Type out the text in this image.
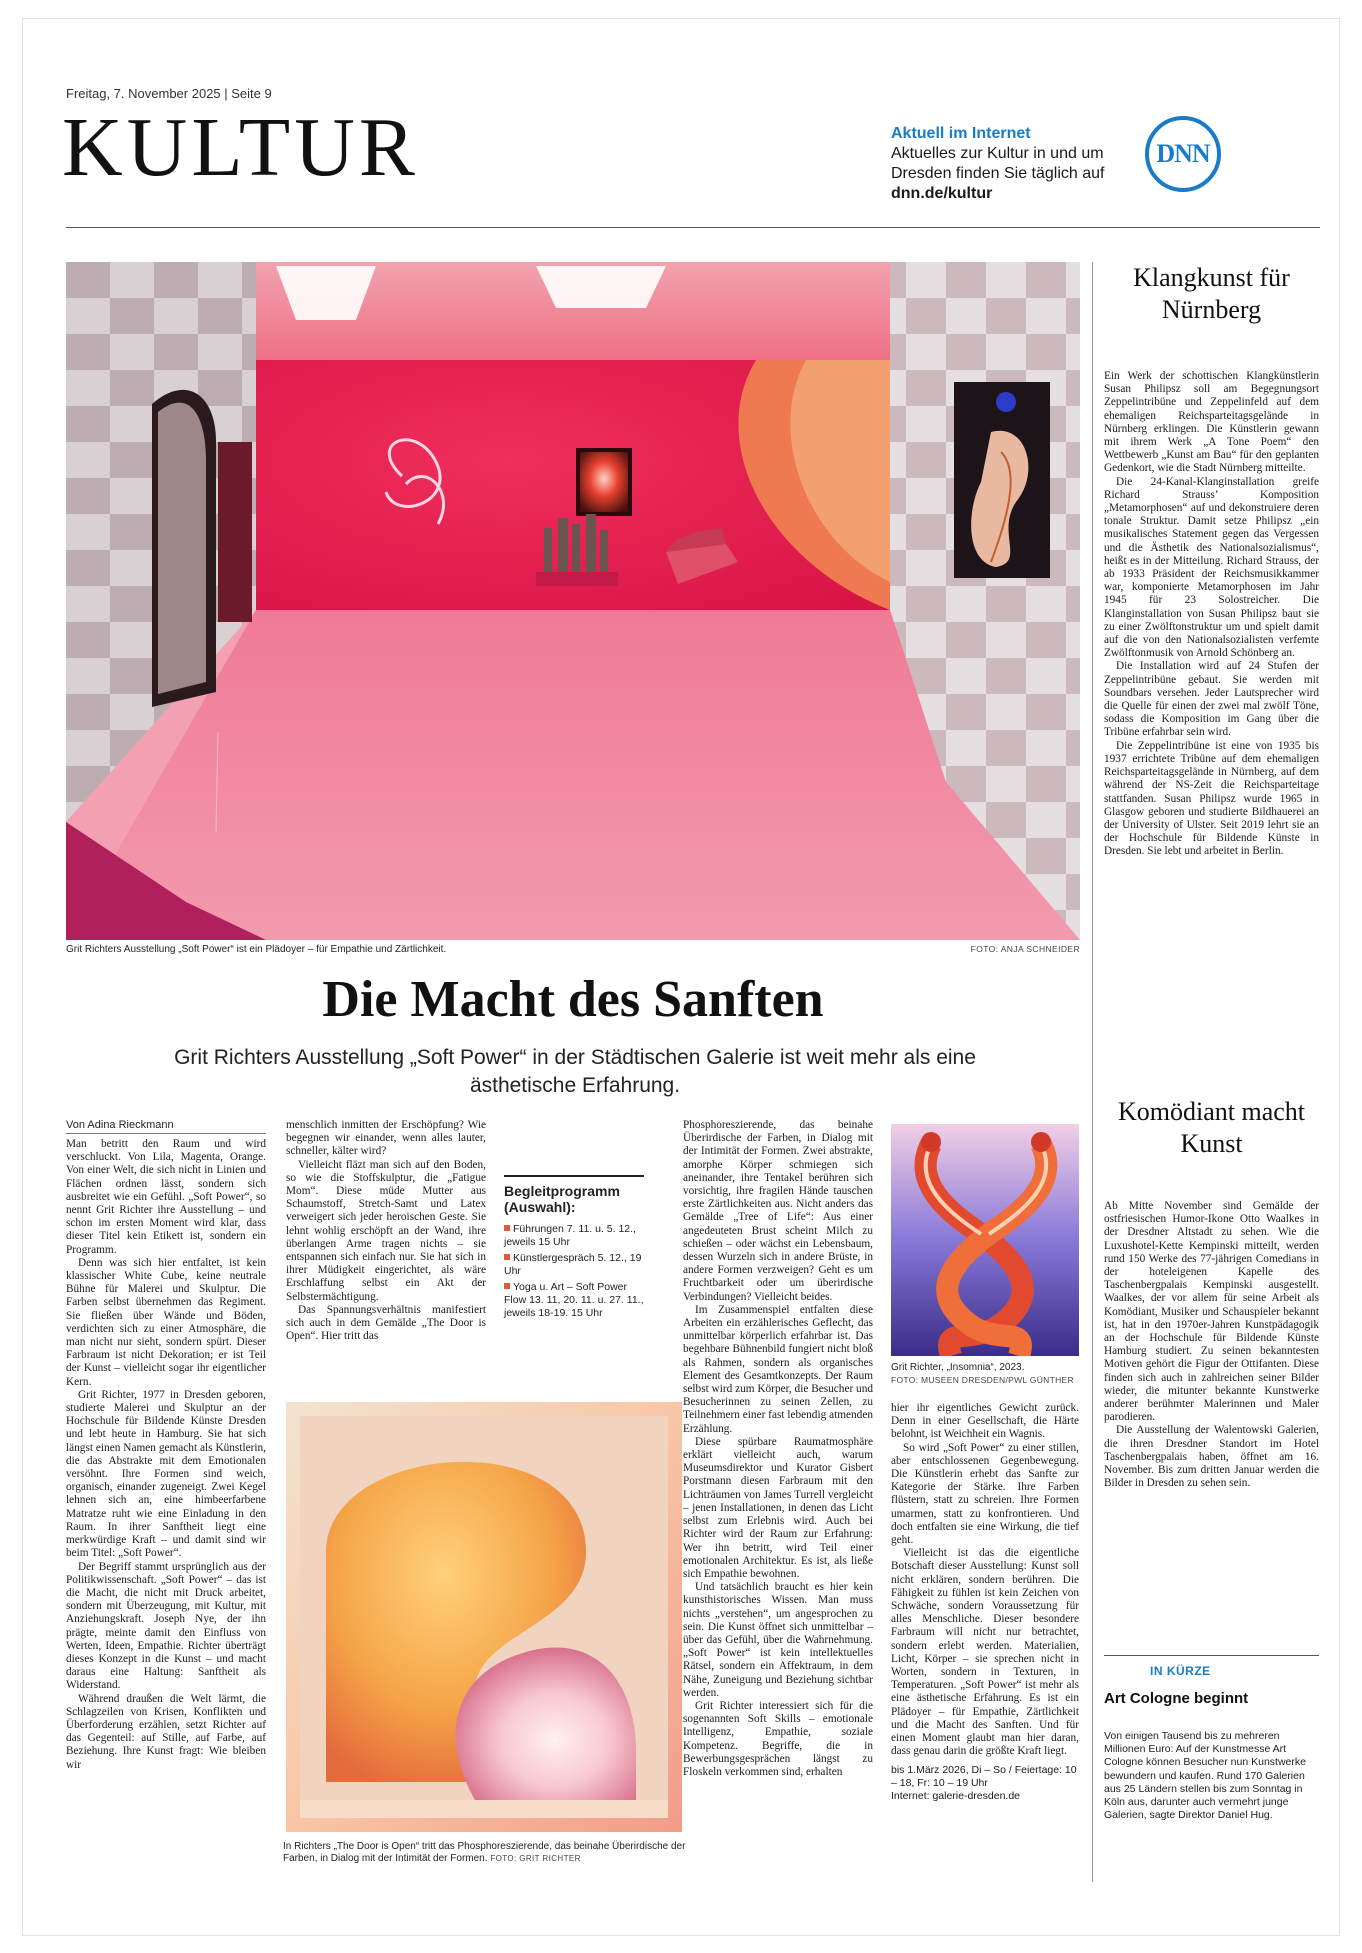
Freitag, 7. November 2025 | Seite 9
KULTUR	Aktuell im Internet
Aktuelles zur Kultur in und um Dresden finden Sie täglich auf dnn.de/kultur
DNN
Grit Richters Ausstellung „Soft Power“ ist ein Plädoyer – für Empathie und Zärtlichkeit.	FOTO: ANJA SCHNEIDER
Die Macht des Sanften
Grit Richters Ausstellung „Soft Power“ in der Städtischen Galerie ist weit mehr als eine ästhetische Erfahrung.
Von Adina Rieckmann

Man betritt den Raum und wird verschluckt. Von Lila, Magenta, Orange. Von einer Welt, die sich nicht in Linien und Flächen ordnen lässt, sondern sich ausbreitet wie ein Gefühl. „Soft Power“, so nennt Grit Richter ihre Ausstellung – und schon im ersten Moment wird klar, dass dieser Titel kein Etikett ist, sondern ein Programm.

Denn was sich hier entfaltet, ist kein klassischer White Cube, keine neutrale Bühne für Malerei und Skulptur. Die Farben selbst übernehmen das Regiment. Sie fließen über Wände und Böden, verdichten sich zu einer Atmosphäre, die man nicht nur sieht, sondern spürt. Dieser Farbraum ist nicht Dekoration; er ist Teil der Kunst – vielleicht sogar ihr eigentlicher Kern.

Grit Richter, 1977 in Dresden geboren, studierte Malerei und Skulptur an der Hochschule für Bildende Künste Dresden und lebt heute in Hamburg. Sie hat sich längst einen Namen gemacht als Künstlerin, die das Abstrakte mit dem Emotionalen versöhnt. Ihre Formen sind weich, organisch, einander zugeneigt. Zwei Kegel lehnen sich an, eine himbeerfarbene Matratze ruht wie eine Einladung in den Raum. In ihrer Sanftheit liegt eine merkwürdige Kraft – und damit sind wir beim Titel: „Soft Power“.

Der Begriff stammt ursprünglich aus der Politikwissenschaft. „Soft Power“ – das ist die Macht, die nicht mit Druck arbeitet, sondern mit Überzeugung, mit Kultur, mit Anziehungskraft. Joseph Nye, der ihn prägte, meinte damit den Einfluss von Werten, Ideen, Empathie. Richter überträgt dieses Konzept in die Kunst – und macht daraus eine Haltung: Sanftheit als Widerstand.

Während draußen die Welt lärmt, die Schlagzeilen von Krisen, Konflikten und Überforderung erzählen, setzt Richter auf das Gegenteil: auf Stille, auf Farbe, auf Beziehung. Ihre Kunst fragt: Wie bleiben wir

menschlich inmitten der Erschöpfung? Wie begegnen wir einander, wenn alles lauter, schneller, kälter wird?

Vielleicht fläzt man sich auf den Boden, so wie die Stoffskulptur, die „Fatigue Mom“. Diese müde Mutter aus Schaumstoff, Stretch-Samt und Latex verweigert sich jeder heroischen Geste. Sie lehnt wohlig erschöpft an der Wand, ihre überlangen Arme tragen nichts – sie entspannen sich einfach nur. Sie hat sich in ihrer Müdigkeit eingerichtet, als wäre Erschlaffung selbst ein Akt der Selbstermächtigung.

Das Spannungsverhältnis manifestiert sich auch in dem Gemälde „The Door is Open“. Hier tritt das

Begleitprogramm (Auswahl):
Führungen 7. 11. u. 5. 12., jeweils 15 Uhr
Künstlergespräch 5. 12., 19 Uhr
Yoga u. Art – Soft Power Flow 13. 11, 20. 11. u. 27. 11., jeweils 18-19. 15 Uhr
In Richters „The Door is Open“ tritt das Phosphoreszierende, das beinahe Überirdische der Farben, in Dialog mit der Intimität der Formen. FOTO: GRIT RICHTER

Phosphoreszierende, das beinahe Überirdische der Farben, in Dialog mit der Intimität der Formen. Zwei abstrakte, amorphe Körper schmiegen sich aneinander, ihre Tentakel berühren sich vorsichtig, ihre fragilen Hände tauschen erste Zärtlichkeiten aus. Nicht anders das Gemälde „Tree of Life“: Aus einer angedeuteten Brust scheint Milch zu schießen – oder wächst ein Lebensbaum, dessen Wurzeln sich in andere Brüste, in andere Formen verzweigen? Geht es um Fruchtbarkeit oder um überirdische Verbindungen? Vielleicht beides.

Im Zusammenspiel entfalten diese Arbeiten ein erzählerisches Geflecht, das unmittelbar körperlich erfahrbar ist. Das begehbare Bühnenbild fungiert nicht bloß als Rahmen, sondern als organisches Element des Gesamtkonzepts. Der Raum selbst wird zum Körper, die Besucher und Besucherinnen zu seinen Zellen, zu Teilnehmern einer fast lebendig atmenden Erzählung.

Diese spürbare Raumatmosphäre erklärt vielleicht auch, warum Museumsdirektor und Kurator Gisbert Porstmann diesen Farbraum mit den Lichträumen von James Turrell vergleicht – jenen Installationen, in denen das Licht selbst zum Erlebnis wird. Auch bei Richter wird der Raum zur Erfahrung: Wer ihn betritt, wird Teil einer emotionalen Architektur. Es ist, als ließe sich Empathie bewohnen.

Und tatsächlich braucht es hier kein kunsthistorisches Wissen. Man muss nichts „verstehen“, um angesprochen zu sein. Die Kunst öffnet sich unmittelbar – über das Gefühl, über die Wahrnehmung. „Soft Power“ ist kein intellektuelles Rätsel, sondern ein Affektraum, in dem Nähe, Zuneigung und Beziehung sichtbar werden.

Grit Richter interessiert sich für die sogenannten Soft Skills – emotionale Intelligenz, Empathie, soziale Kompetenz. Begriffe, die in Bewerbungsgesprächen längst zu Floskeln verkommen sind, erhalten

Grit Richter, „Insomnia“, 2023.
FOTO: MUSEEN DRESDEN/PWL GÜNTHER

hier ihr eigentliches Gewicht zurück. Denn in einer Gesellschaft, die Härte belohnt, ist Weichheit ein Wagnis.

So wird „Soft Power“ zu einer stillen, aber entschlossenen Gegenbewegung. Die Künstlerin erhebt das Sanfte zur Kategorie der Stärke. Ihre Farben flüstern, statt zu schreien. Ihre Formen umarmen, statt zu konfrontieren. Und doch entfalten sie eine Wirkung, die tief geht.

Vielleicht ist das die eigentliche Botschaft dieser Ausstellung: Kunst soll nicht erklären, sondern berühren. Die Fähigkeit zu fühlen ist kein Zeichen von Schwäche, sondern Voraussetzung für alles Menschliche. Dieser besondere Farbraum will nicht nur betrachtet, sondern erlebt werden. Materialien, Licht, Körper – sie sprechen nicht in Worten, sondern in Texturen, in Temperaturen. „Soft Power“ ist mehr als eine ästhetische Erfahrung. Es ist ein Plädoyer – für Empathie, Zärtlichkeit und die Macht des Sanften. Und für einen Moment glaubt man hier daran, dass genau darin die größte Kraft liegt.

bis 1.März 2026, Di – So / Feiertage: 10 – 18, Fr: 10 – 19 Uhr
Internet: galerie-dresden.de
Klangkunst für Nürnberg

Ein Werk der schottischen Klangkünstlerin Susan Philipsz soll am Begegnungsort Zeppelintribüne und Zeppelinfeld auf dem ehemaligen Reichsparteitagsgelände in Nürnberg erklingen. Die Künstlerin gewann mit ihrem Werk „A Tone Poem“ den Wettbewerb „Kunst am Bau“ für den geplanten Gedenkort, wie die Stadt Nürnberg mitteilte.

Die 24-Kanal-Klanginstallation greife Richard Strauss’ Komposition „Metamorphosen“ auf und dekonstruiere deren tonale Struktur. Damit setze Philipsz „ein musikalisches Statement gegen das Vergessen und die Ästhetik des Nationalsozialismus“, heißt es in der Mitteilung. Richard Strauss, der ab 1933 Präsident der Reichsmusikkammer war, komponierte Metamorphosen im Jahr 1945 für 23 Solostreicher. Die Klanginstallation von Susan Philipsz baut sie zu einer Zwölftonstruktur um und spielt damit auf die von den Nationalsozialisten verfemte Zwölftonmusik von Arnold Schönberg an.

Die Installation wird auf 24 Stufen der Zeppelintribüne gebaut. Sie werden mit Soundbars versehen. Jeder Lautsprecher wird die Quelle für einen der zwei mal zwölf Töne, sodass die Komposition im Gang über die Tribüne erfahrbar sein wird.

Die Zeppelintribüne ist eine von 1935 bis 1937 errichtete Tribüne auf dem ehemaligen Reichsparteitagsgelände in Nürnberg, auf dem während der NS-Zeit die Reichsparteitage stattfanden. Susan Philipsz wurde 1965 in Glasgow geboren und studierte Bildhauerei an der University of Ulster. Seit 2019 lehrt sie an der Hochschule für Bildende Künste in Dresden. Sie lebt und arbeitet in Berlin.

Komödiant macht Kunst

Ab Mitte November sind Gemälde der ostfriesischen Humor-Ikone Otto Waalkes in der Dresdner Altstadt zu sehen. Wie die Luxushotel-Kette Kempinski mitteilt, werden rund 150 Werke des 77-jährigen Comedians in der hoteleigenen Kapelle des Taschenbergpalais Kempinski ausgestellt. Waalkes, der vor allem für seine Arbeit als Komödiant, Musiker und Schauspieler bekannt ist, hat in den 1970er-Jahren Kunstpädagogik an der Hochschule für Bildende Künste Hamburg studiert. Zu seinen bekanntesten Motiven gehört die Figur der Ottifanten. Diese finden sich auch in zahlreichen seiner Bilder wieder, die mitunter bekannte Kunstwerke anderer berühmter Malerinnen und Maler parodieren.

Die Ausstellung der Walentowski Galerien, die ihren Dresdner Standort im Hotel Taschenbergpalais haben, öffnet am 16. November. Bis zum dritten Januar werden die Bilder in Dresden zu sehen sein.

IN KÜRZE
Art Cologne beginnt
Von einigen Tausend bis zu mehreren Millionen Euro: Auf der Kunstmesse Art Cologne können Besucher nun Kunstwerke bewundern und kaufen. Rund 170 Galerien aus 25 Ländern stellen bis zum Sonntag in Köln aus, darunter auch vermehrt junge Galerien, sagte Direktor Daniel Hug.
